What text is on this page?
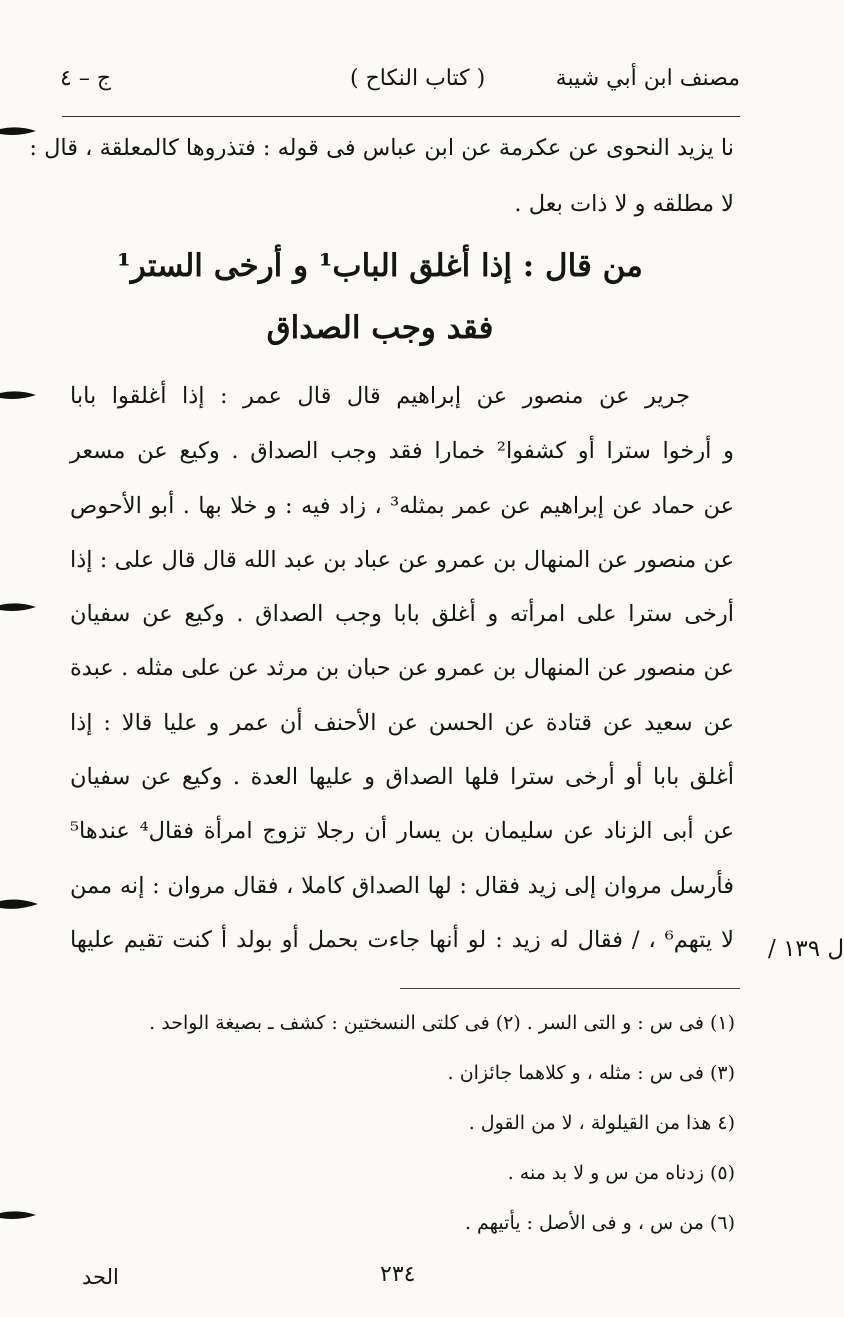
ج – ٤	( كتاب النكاح )	مصنف ابن أبي شيبة
نا يزيد النحوى عن عكرمة عن ابن عباس فى قوله : فتذروها كالمعلقة ، قال :
لا مطلقه و لا ذات بعل .
من قال : إذا أغلق الباب¹ و أرخى الستر¹
فقد وجب الصداق
جرير عن منصور عن إبراهيم قال قال عمر : إذا أغلقوا بابا
و أرخوا سترا أو كشفوا² خمارا فقد وجب الصداق . وكيع عن مسعر
عن حماد عن إبراهيم عن عمر بمثله³ ، زاد فيه : و خلا بها . أبو الأحوص
عن منصور عن المنهال بن عمرو عن عباد بن عبد الله قال قال على : إذا
أرخى سترا على امرأته و أغلق بابا وجب الصداق . وكيع عن سفيان
عن منصور عن المنهال بن عمرو عن حبان بن مرثد عن على مثله . عبدة
عن سعيد عن قتادة عن الحسن عن الأحنف أن عمر و عليا قالا : إذا
أغلق بابا أو أرخى سترا فلها الصداق و عليها العدة . وكيع عن سفيان
عن أبى الزناد عن سليمان بن يسار أن رجلا تزوج امرأة فقال⁴ عندها⁵
فأرسل مروان إلى زيد فقال : لها الصداق كاملا ، فقال مروان : إنه ممن
لا يتهم⁶ ، / فقال له زيد : لو أنها جاءت بحمل أو بولد أ كنت تقيم عليها ل ١٣٩ /
(١) فى س : و التى السر . (٢) فى كلتى النسختين : كشف ـ بصيغة الواحد .
(٣) فى س : مثله ، و كلاهما جائزان .
(٤ هذا من القيلولة ، لا من القول .
(٥) زدناه من س و لا بد منه .
(٦) من س ، و فى الأصل : يأتيهم .
الحد	٢٣٤
